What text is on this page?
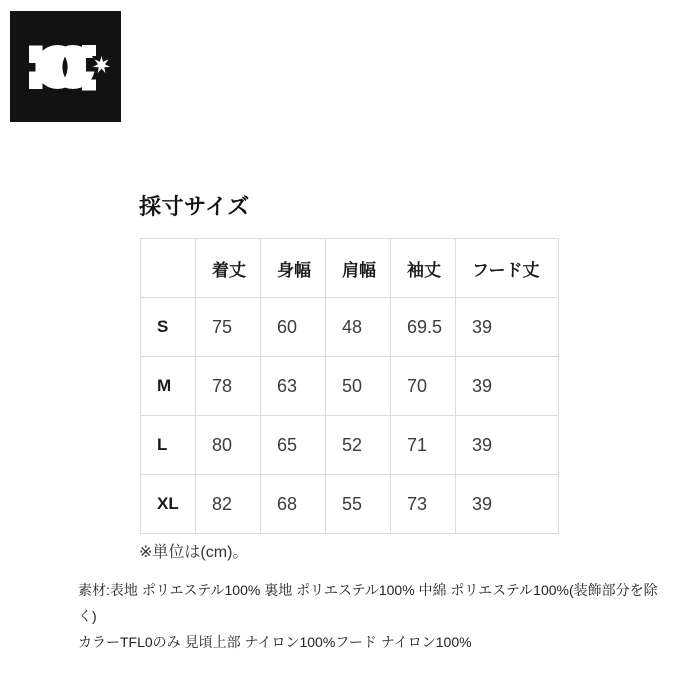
採寸サイズ
	着丈	身幅	肩幅	袖丈	フード丈
S	75	60	48	69.5	39
M	78	63	50	70	39
L	80	65	52	71	39
XL	82	68	55	73	39
※単位は(cm)。
素材:表地 ポリエステル100% 裏地 ポリエステル100% 中綿 ポリエステル100%(装飾部分を除く)
カラーTFL0のみ 見頃上部 ナイロン100%フード ナイロン100%
